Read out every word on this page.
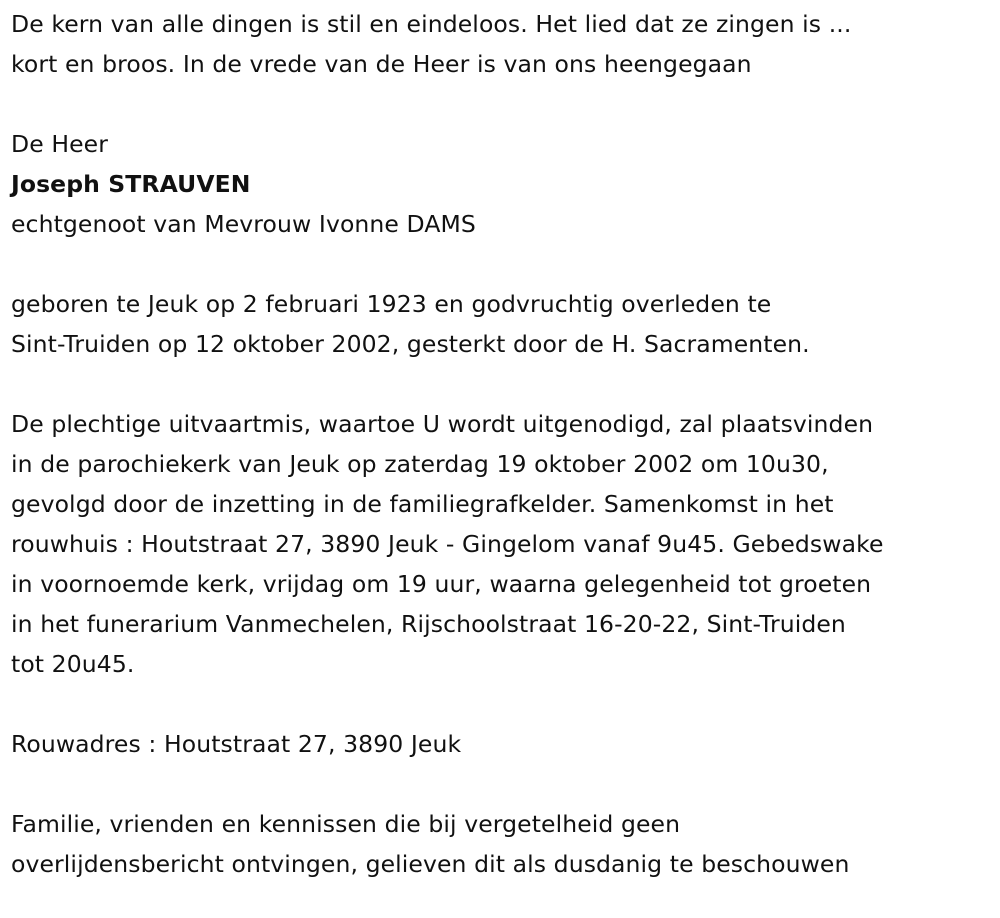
De kern van alle dingen is stil en eindeloos. Het lied dat ze zingen is ...

kort en broos. In de vrede van de Heer is van ons heengegaan

De Heer

Joseph STRAUVEN

echtgenoot van Mevrouw Ivonne DAMS

geboren te Jeuk op 2 februari 1923 en godvruchtig overleden te

Sint-Truiden op 12 oktober 2002, gesterkt door de H. Sacramenten.

De plechtige uitvaartmis, waartoe U wordt uitgenodigd, zal plaatsvinden

in de parochiekerk van Jeuk op zaterdag 19 oktober 2002 om 10u30,

gevolgd door de inzetting in de familiegrafkelder. Samenkomst in het

rouwhuis : Houtstraat 27, 3890 Jeuk - Gingelom vanaf 9u45. Gebedswake

in voornoemde kerk, vrijdag om 19 uur, waarna gelegenheid tot groeten

in het funerarium Vanmechelen, Rijschoolstraat 16-20-22, Sint-Truiden

tot 20u45.

Rouwadres : Houtstraat 27, 3890 Jeuk

Familie, vrienden en kennissen die bij vergetelheid geen

overlijdensbericht ontvingen, gelieven dit als dusdanig te beschouwen
